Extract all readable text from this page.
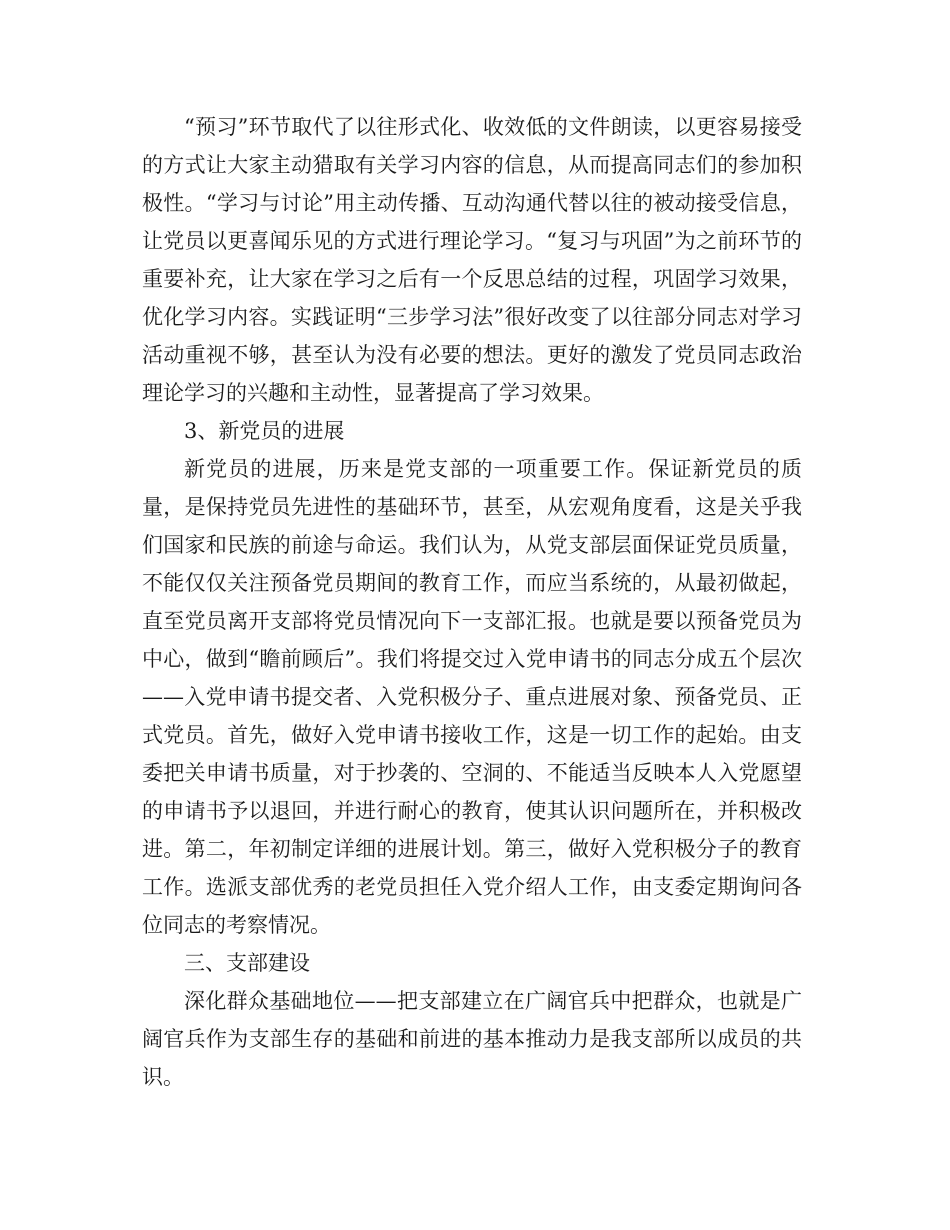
“预习”环节取代了以往形式化、收效低的文件朗读，以更容易接受的方式让大家主动猎取有关学习内容的信息，从而提高同志们的参加积极性。“学习与讨论”用主动传播、互动沟通代替以往的被动接受信息，让党员以更喜闻乐见的方式进行理论学习。“复习与巩固”为之前环节的重要补充，让大家在学习之后有一个反思总结的过程，巩固学习效果，优化学习内容。实践证明“三步学习法”很好改变了以往部分同志对学习活动重视不够，甚至认为没有必要的想法。更好的激发了党员同志政治理论学习的兴趣和主动性，显著提高了学习效果。

3、新党员的进展

新党员的进展，历来是党支部的一项重要工作。保证新党员的质量，是保持党员先进性的基础环节，甚至，从宏观角度看，这是关乎我们国家和民族的前途与命运。我们认为，从党支部层面保证党员质量，不能仅仅关注预备党员期间的教育工作，而应当系统的，从最初做起，直至党员离开支部将党员情况向下一支部汇报。也就是要以预备党员为中心，做到“瞻前顾后”。我们将提交过入党申请书的同志分成五个层次——入党申请书提交者、入党积极分子、重点进展对象、预备党员、正式党员。首先，做好入党申请书接收工作，这是一切工作的起始。由支委把关申请书质量，对于抄袭的、空洞的、不能适当反映本人入党愿望的申请书予以退回，并进行耐心的教育，使其认识问题所在，并积极改进。第二，年初制定详细的进展计划。第三，做好入党积极分子的教育工作。选派支部优秀的老党员担任入党介绍人工作，由支委定期询问各位同志的考察情况。

三、支部建设

深化群众基础地位——把支部建立在广阔官兵中把群众，也就是广阔官兵作为支部生存的基础和前进的基本推动力是我支部所以成员的共识。
